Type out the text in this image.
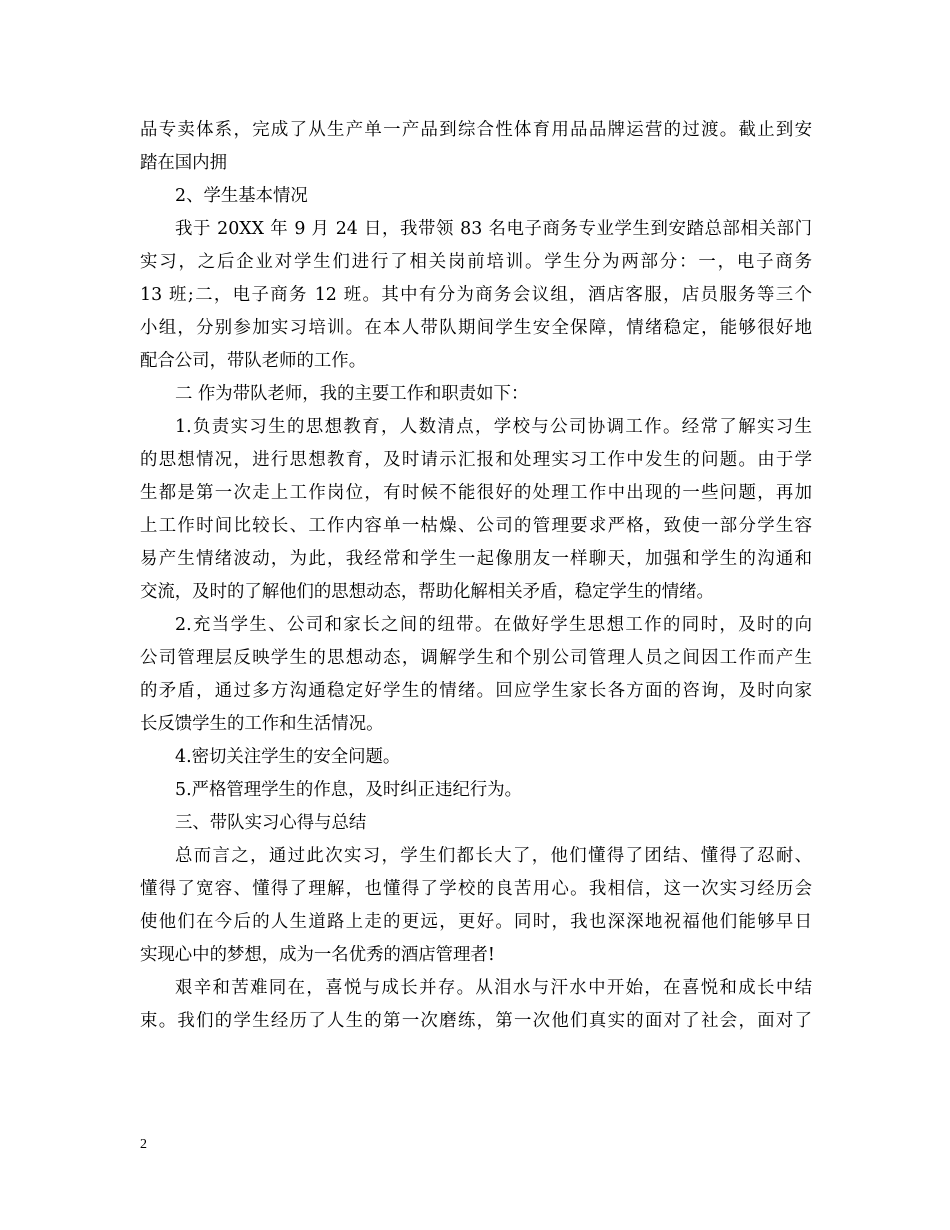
品专卖体系，完成了从生产单一产品到综合性体育用品品牌运营的过渡。截止到安
踏在国内拥
2、学生基本情况
我于 20XX 年 9 月 24 日，我带领 83 名电子商务专业学生到安踏总部相关部门
实习，之后企业对学生们进行了相关岗前培训。学生分为两部分：一，电子商务
13 班;二，电子商务 12 班。其中有分为商务会议组，酒店客服，店员服务等三个
小组，分别参加实习培训。在本人带队期间学生安全保障，情绪稳定，能够很好地
配合公司，带队老师的工作。
二 作为带队老师，我的主要工作和职责如下：
1.负责实习生的思想教育，人数清点，学校与公司协调工作。经常了解实习生
的思想情况，进行思想教育，及时请示汇报和处理实习工作中发生的问题。由于学
生都是第一次走上工作岗位，有时候不能很好的处理工作中出现的一些问题，再加
上工作时间比较长、工作内容单一枯燥、公司的管理要求严格，致使一部分学生容
易产生情绪波动，为此，我经常和学生一起像朋友一样聊天，加强和学生的沟通和
交流，及时的了解他们的思想动态，帮助化解相关矛盾，稳定学生的情绪。
2.充当学生、公司和家长之间的纽带。在做好学生思想工作的同时，及时的向
公司管理层反映学生的思想动态，调解学生和个别公司管理人员之间因工作而产生
的矛盾，通过多方沟通稳定好学生的情绪。回应学生家长各方面的咨询，及时向家
长反馈学生的工作和生活情况。
4.密切关注学生的安全问题。
5.严格管理学生的作息，及时纠正违纪行为。
三、带队实习心得与总结
总而言之，通过此次实习，学生们都长大了，他们懂得了团结、懂得了忍耐、
懂得了宽容、懂得了理解，也懂得了学校的良苦用心。我相信，这一次实习经历会
使他们在今后的人生道路上走的更远，更好。同时，我也深深地祝福他们能够早日
实现心中的梦想，成为一名优秀的酒店管理者!
艰辛和苦难同在，喜悦与成长并存。从泪水与汗水中开始，在喜悦和成长中结
束。我们的学生经历了人生的第一次磨练，第一次他们真实的面对了社会，面对了
2
